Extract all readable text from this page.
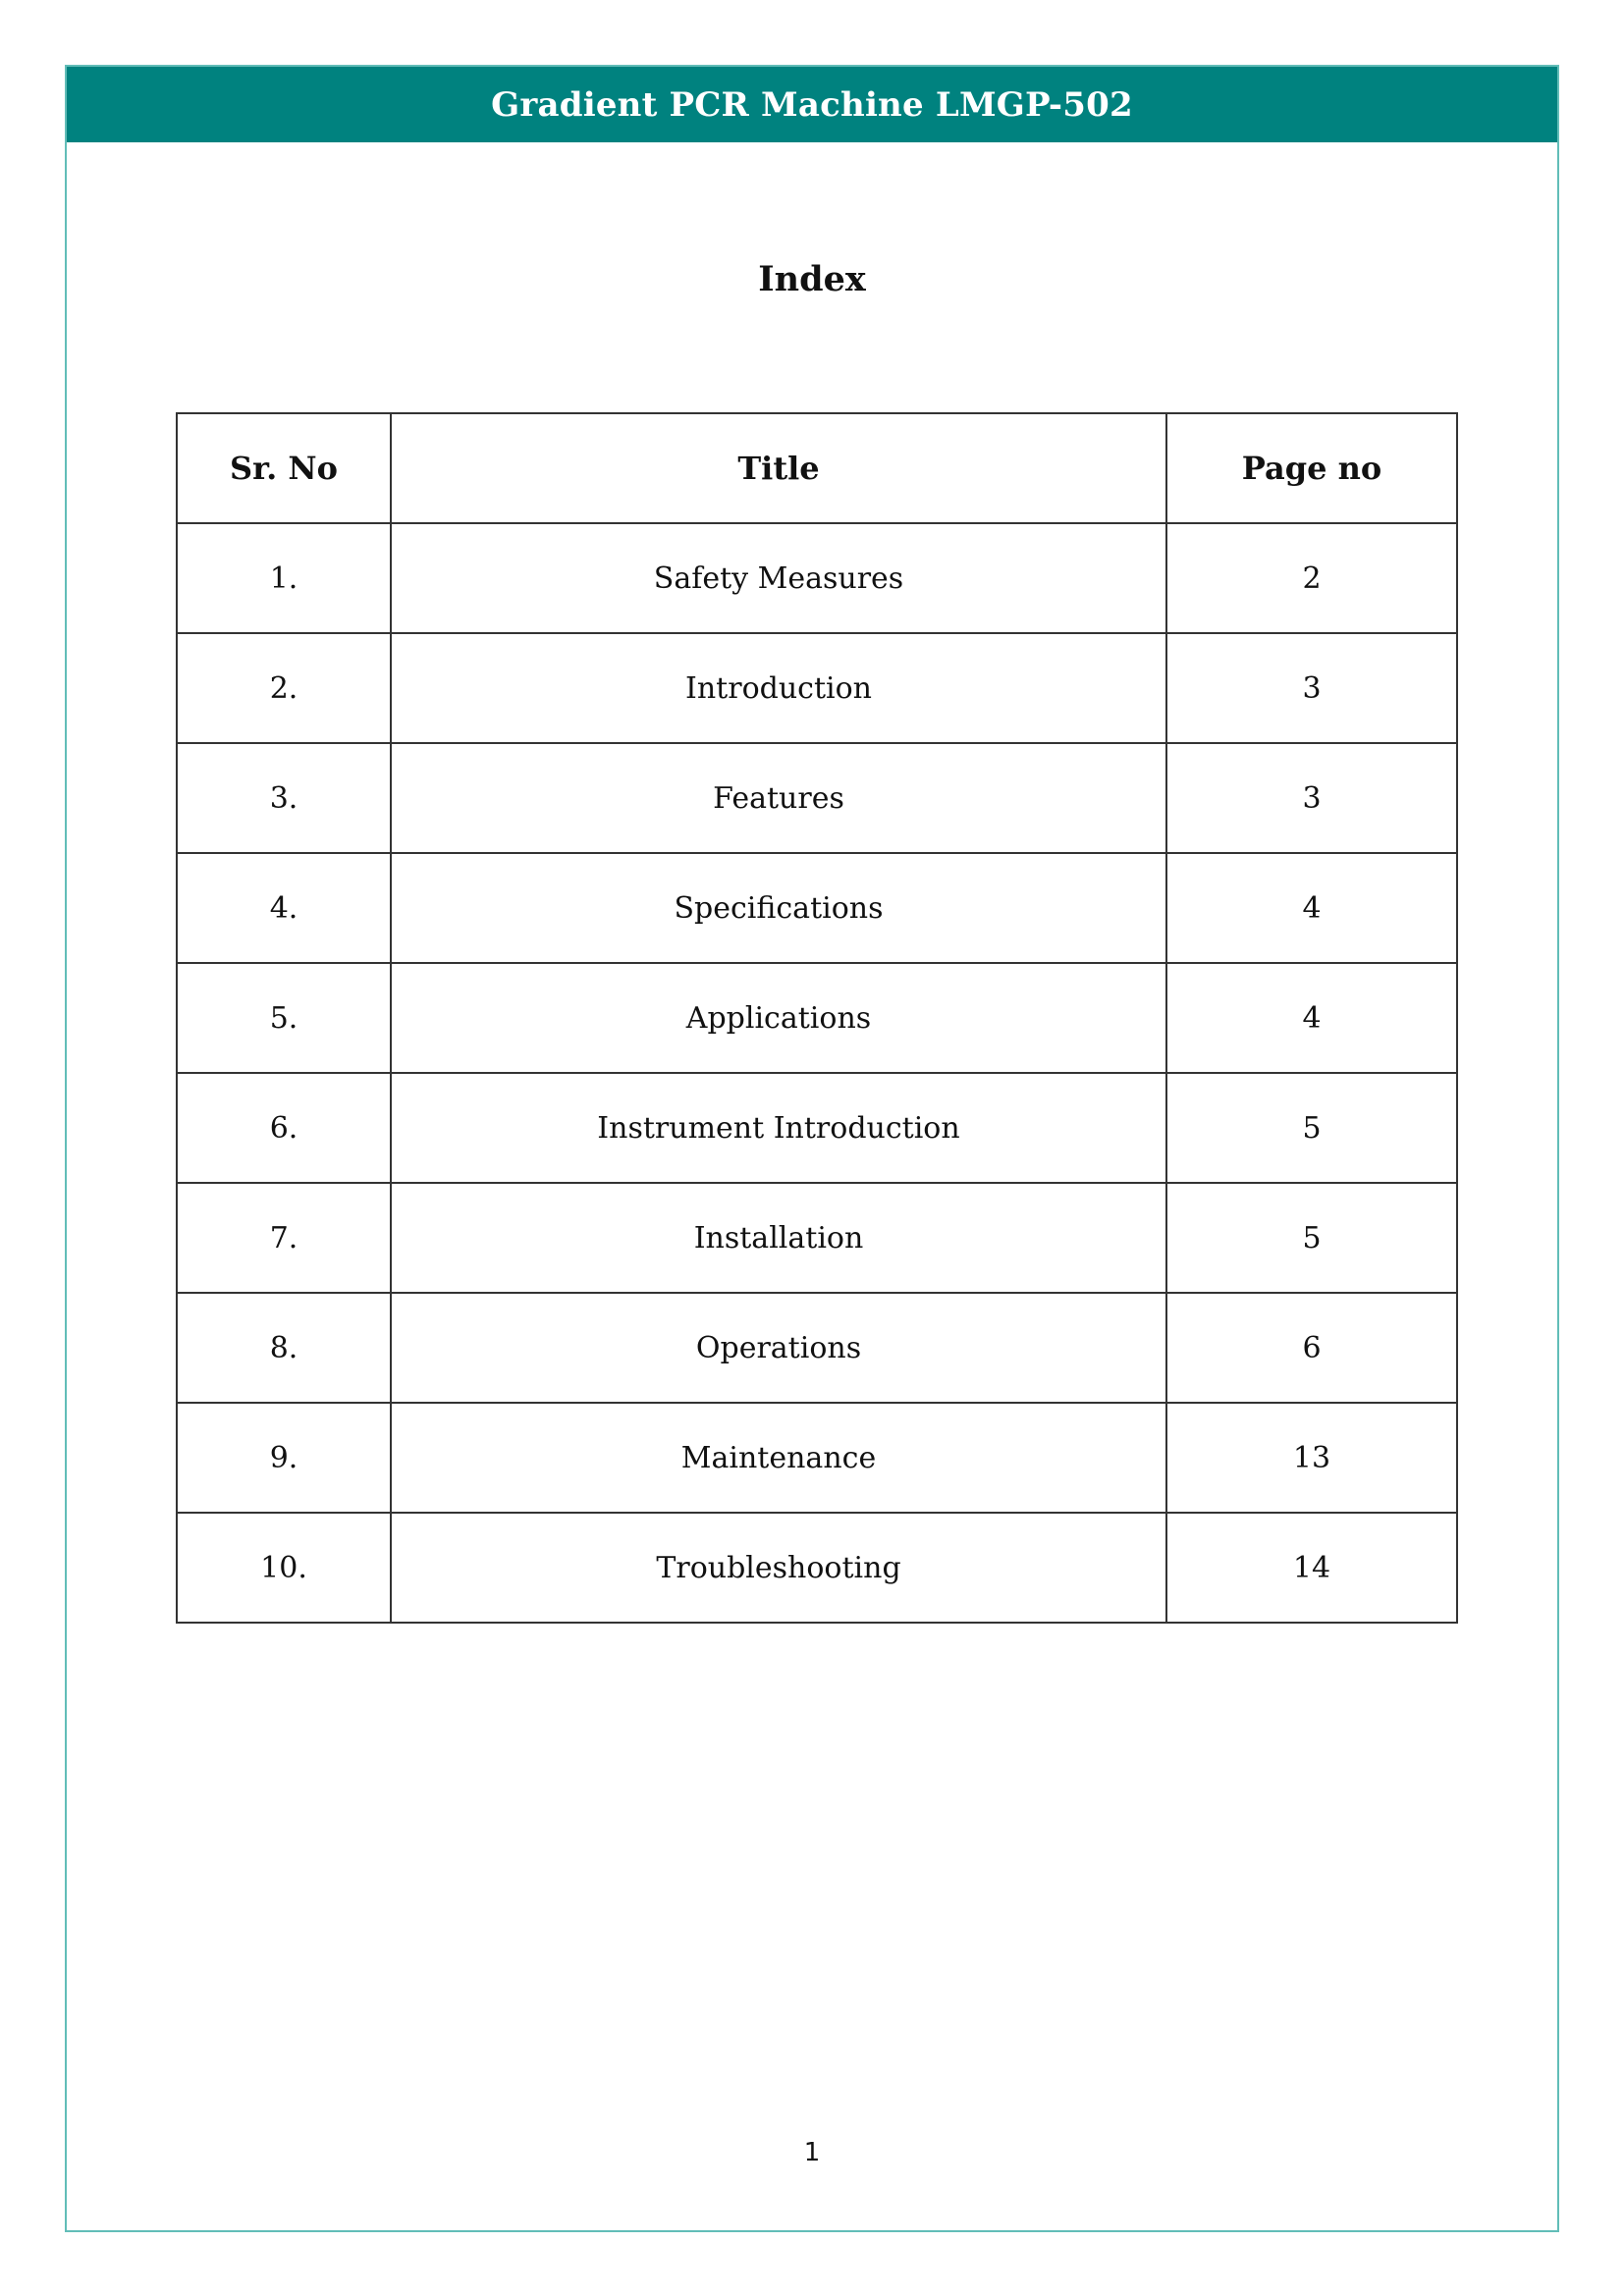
Gradient PCR Machine LMGP-502
Index
Sr. No	Title	Page no
1.	Safety Measures	2
2.	Introduction	3
3.	Features	3
4.	Specifications	4
5.	Applications	4
6.	Instrument Introduction	5
7.	Installation	5
8.	Operations	6
9.	Maintenance	13
10.	Troubleshooting	14
1
